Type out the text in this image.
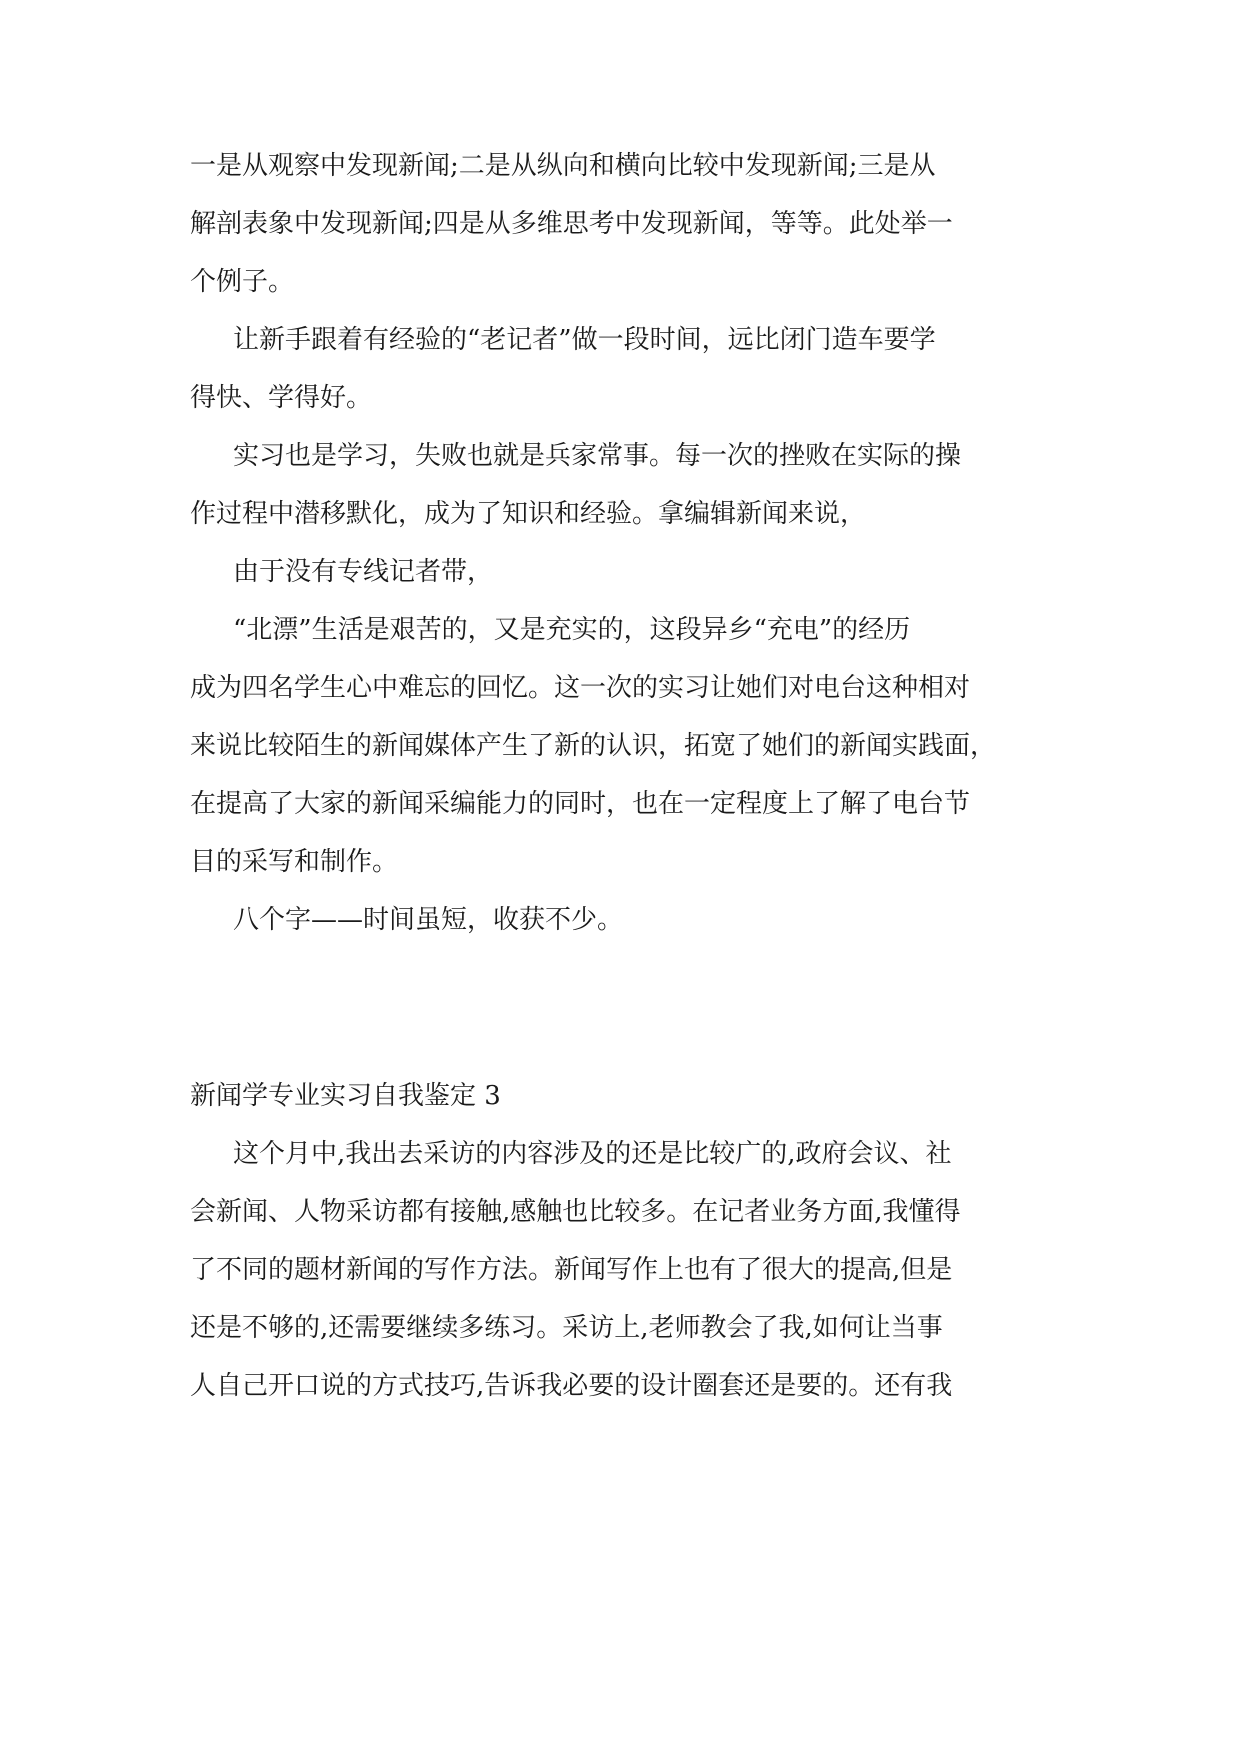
一是从观察中发现新闻;二是从纵向和横向比较中发现新闻;三是从
解剖表象中发现新闻;四是从多维思考中发现新闻，等等。此处举一
个例子。
让新手跟着有经验的“老记者”做一段时间，远比闭门造车要学
得快、学得好。
实习也是学习，失败也就是兵家常事。每一次的挫败在实际的操
作过程中潜移默化，成为了知识和经验。拿编辑新闻来说，
由于没有专线记者带，
“北漂”生活是艰苦的，又是充实的，这段异乡“充电”的经历
成为四名学生心中难忘的回忆。这一次的实习让她们对电台这种相对
来说比较陌生的新闻媒体产生了新的认识，拓宽了她们的新闻实践面，
在提高了大家的新闻采编能力的同时，也在一定程度上了解了电台节
目的采写和制作。
八个字——时间虽短，收获不少。
新闻学专业实习自我鉴定 3
这个月中,我出去采访的内容涉及的还是比较广的,政府会议、社
会新闻、人物采访都有接触,感触也比较多。在记者业务方面,我懂得
了不同的题材新闻的写作方法。新闻写作上也有了很大的提高,但是
还是不够的,还需要继续多练习。采访上,老师教会了我,如何让当事
人自己开口说的方式技巧,告诉我必要的设计圈套还是要的。还有我
